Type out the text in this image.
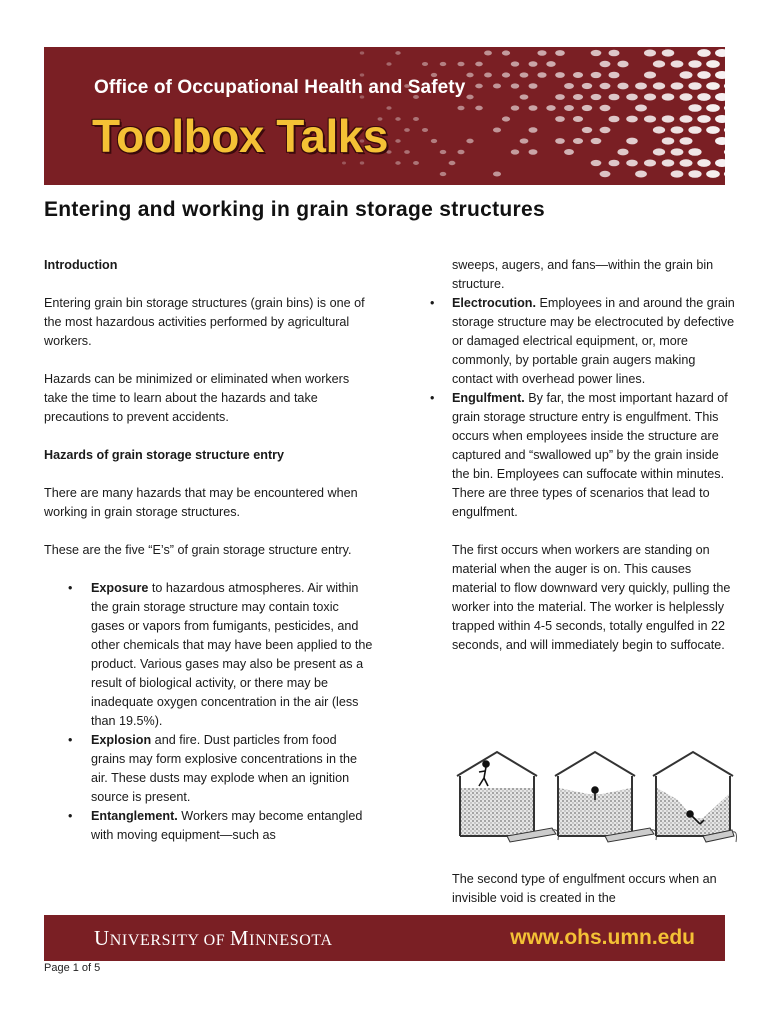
Office of Occupational Health and Safety
Toolbox Talks
Entering and working in grain storage structures

Introduction

Entering grain bin storage structures (grain bins) is one of the most hazardous activities performed by agricultural workers.

Hazards can be minimized or eliminated when workers take the time to learn about the hazards and take precautions to prevent accidents.

Hazards of grain storage structure entry

There are many hazards that may be encountered when working in grain storage structures.

These are the five “E’s” of grain storage structure entry.

• Exposure to hazardous atmospheres. Air within the grain storage structure may contain toxic gases or vapors from fumigants, pesticides, and other chemicals that may have been applied to the product. Various gases may also be present as a result of biological activity, or there may be inadequate oxygen concentration in the air (less than 19.5%).
• Explosion and fire. Dust particles from food grains may form explosive concentrations in the air. These dusts may explode when an ignition source is present.
• Entanglement. Workers may become entangled with moving equipment—such as

sweeps, augers, and fans—within the grain bin structure.

• Electrocution. Employees in and around the grain storage structure may be electrocuted by defective or damaged electrical equipment, or, more commonly, by portable grain augers making contact with overhead power lines.
• Engulfment. By far, the most important hazard of grain storage structure entry is engulfment. This occurs when employees inside the structure are captured and “swallowed up” by the grain inside the bin. Employees can suffocate within minutes. There are three types of scenarios that lead to engulfment.

The first occurs when workers are standing on material when the auger is on. This causes material to flow downward very quickly, pulling the worker into the material. The worker is helplessly trapped within 4-5 seconds, totally engulfed in 22 seconds, and will immediately begin to suffocate.

The second type of engulfment occurs when an invisible void is created in the

UNIVERSITY OF MINNESOTA	www.ohs.umn.edu
Page 1 of 5
